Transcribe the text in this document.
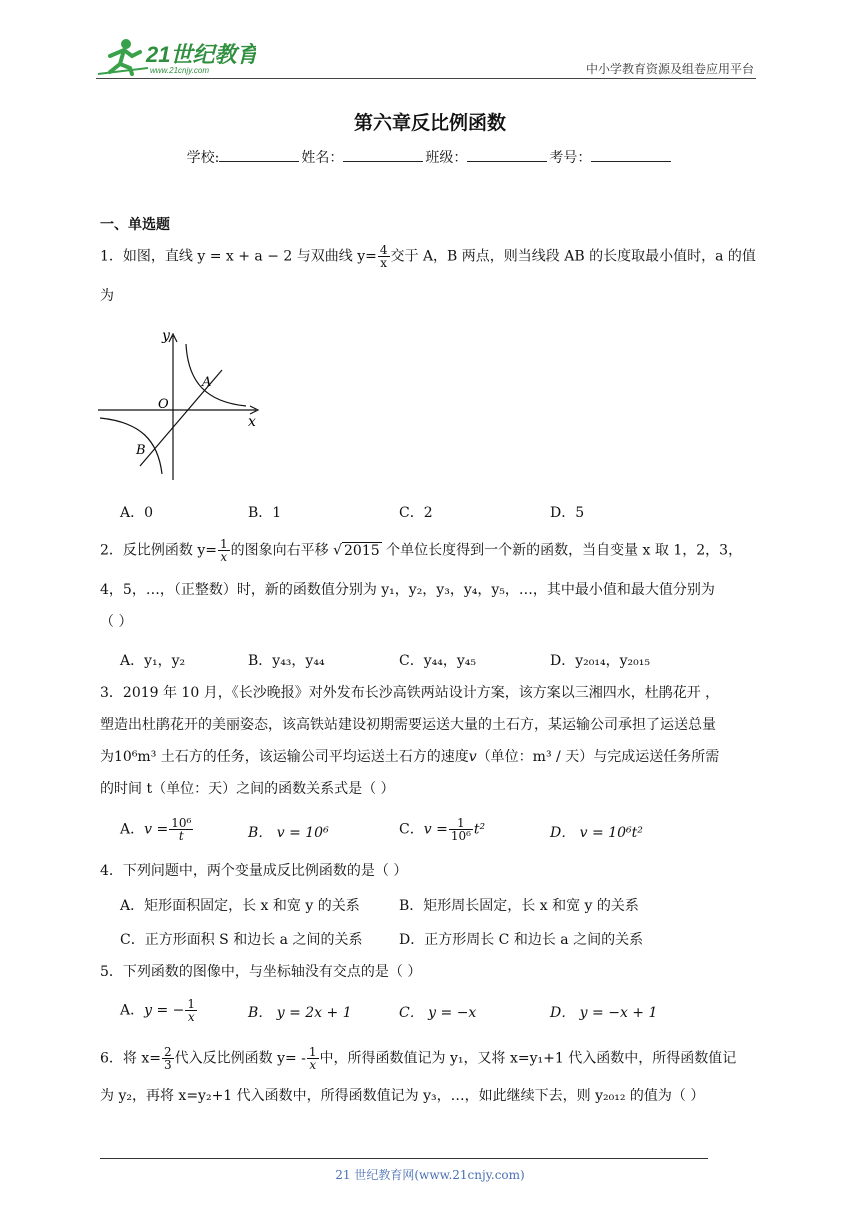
21世纪教育
www.21cnjy.com	中小学教育资源及组卷应用平台
第六章反比例函数
学校:	姓名：	班级：	考号：
一、单选题
1．如图，直线 y = x + a − 2 与双曲线 $y= \frac{4}{x}$ 交于 A，B 两点，则当线段 AB 的长度取最小值时，a 的值
为
y
x
O
A
B
A．0	B．1	C．2	D．5
2．反比例函数 $y= \frac{1}{x}$ 的图象向右平移 √ 2015 个单位长度得到一个新的函数，当自变量 x 取 1，2，3，
4，5，…，（正整数）时，新的函数值分别为 y₁，y₂，y₃，y₄，y₅，…，其中最小值和最大值分别为
（ ）
A．y₁，y₂	B．y₄₃，y₄₄	C．y₄₄，y₄₅	D．y₂₀₁₄，y₂₀₁₅
3．2019 年 10 月，《长沙晚报》对外发布长沙高铁两站设计方案，该方案以三湘四水，杜鹃花开 ，
塑造出杜鹃花开的美丽姿态，该高铁站建设初期需要运送大量的土石方，某运输公司承担了运送总量
为10⁶m³ 土石方的任务，该运输公司平均运送土石方的速度v（单位：m³ / 天）与完成运送任务所需
的时间 t（单位：天）之间的函数关系式是（ ）
A．$v = \frac{\text{10⁶}}{t}$	B． v = 10⁶	C．$v = \frac{1}{\text{10⁶}} t^2$	D． v = 10⁶t²
4．下列问题中，两个变量成反比例函数的是（ ）
A．矩形面积固定，长 x 和宽 y 的关系	B．矩形周长固定，长 x 和宽 y 的关系
C．正方形面积 S 和边长 a 之间的关系	D．正方形周长 C 和边长 a 之间的关系
5．下列函数的图像中，与坐标轴没有交点的是（ ）
A．y = − $\frac{1}{x}$	B． y = 2x + 1	C． y = −x	D． y = −x + 1
6．将 $x= \frac{2}{3}$ 代入反比例函数 $y= - \frac{1}{x}$ 中，所得函数值记为 y₁，又将 x=y₁+1 代入函数中，所得函数值记
为 y₂，再将 x=y₂+1 代入函数中，所得函数值记为 y₃，…，如此继续下去，则 y₂₀₁₂ 的值为（ ）
21 世纪教育网(www.21cnjy.com)
